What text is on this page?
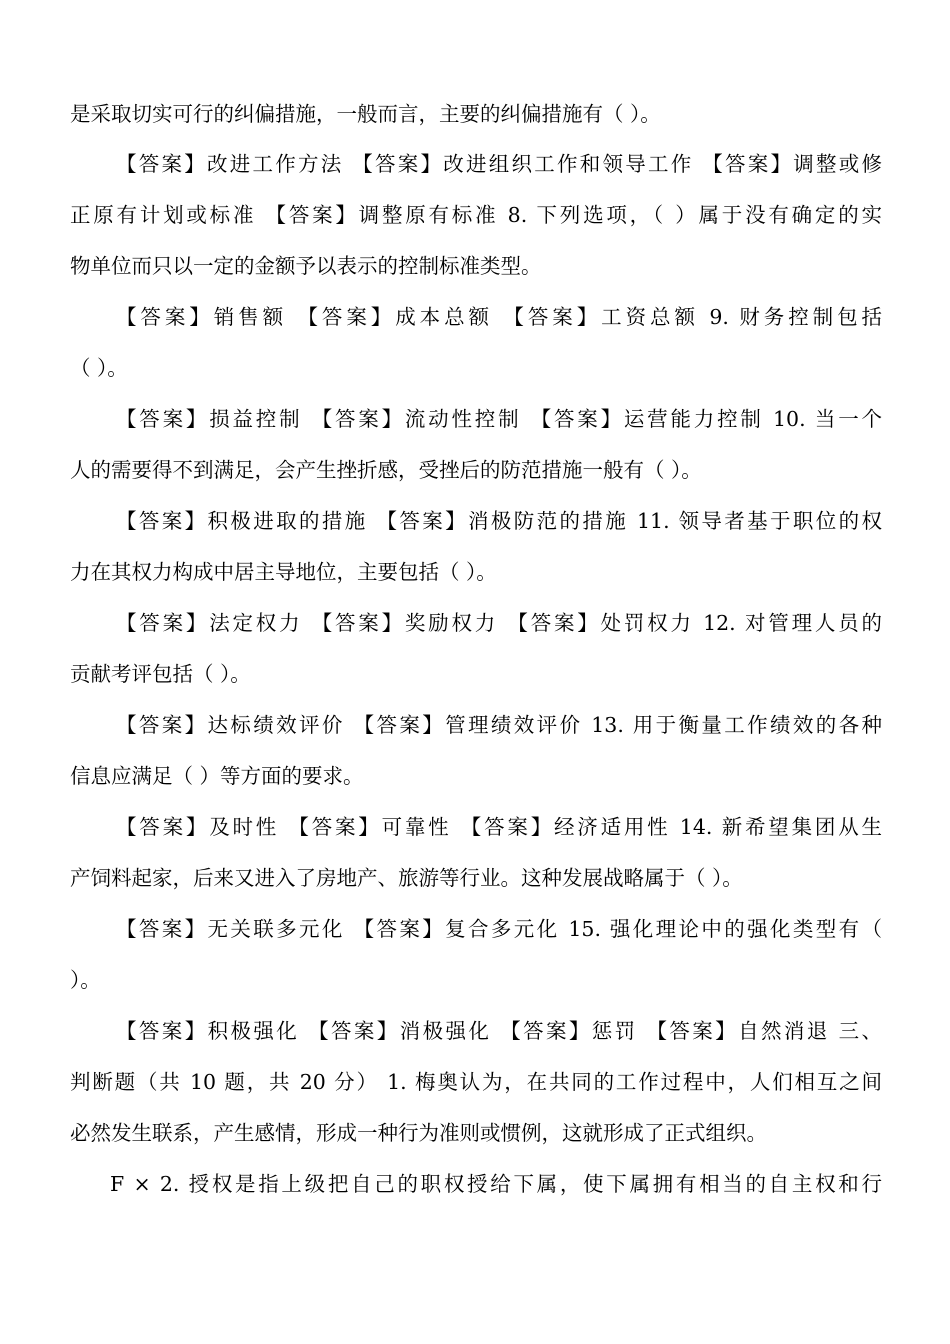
是采取切实可行的纠偏措施，一般而言，主要的纠偏措施有（ ）。
【答案】改进工作方法 【答案】改进组织工作和领导工作 【答案】调整或修
正原有计划或标准 【答案】调整原有标准 8. 下列选项，（ ）属于没有确定的实
物单位而只以一定的金额予以表示的控制标准类型。
【答案】销售额 【答案】成本总额 【答案】工资总额 9. 财务控制包括
（ ）。
【答案】损益控制 【答案】流动性控制 【答案】运营能力控制 10. 当一个
人的需要得不到满足，会产生挫折感，受挫后的防范措施一般有（ ）。
【答案】积极进取的措施 【答案】消极防范的措施 11. 领导者基于职位的权
力在其权力构成中居主导地位，主要包括（ ）。
【答案】法定权力 【答案】奖励权力 【答案】处罚权力 12. 对管理人员的
贡献考评包括（ ）。
【答案】达标绩效评价 【答案】管理绩效评价 13. 用于衡量工作绩效的各种
信息应满足（ ）等方面的要求。
【答案】及时性 【答案】可靠性 【答案】经济适用性 14. 新希望集团从生
产饲料起家，后来又进入了房地产、旅游等行业。这种发展战略属于（ ）。
【答案】无关联多元化 【答案】复合多元化 15. 强化理论中的强化类型有（
）。
【答案】积极强化 【答案】消极强化 【答案】惩罚 【答案】自然消退 三、
判断题（共 10 题，共 20 分） 1. 梅奥认为，在共同的工作过程中，人们相互之间
必然发生联系，产生感情，形成一种行为准则或惯例，这就形成了正式组织。
F × 2. 授权是指上级把自己的职权授给下属，使下属拥有相当的自主权和行
